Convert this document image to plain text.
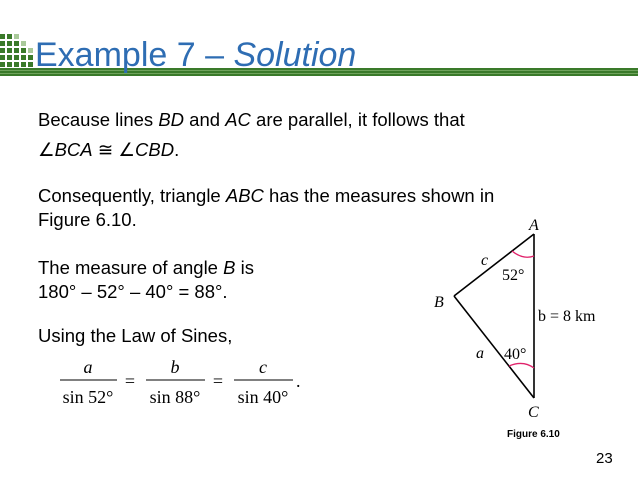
Example 7 – Solution
Because lines BD and AC are parallel, it follows that
∠BCA ≅ ∠CBD.
Consequently, triangle ABC has the measures shown in
Figure 6.10.
The measure of angle B is
180° – 52° – 40° = 88°.
Using the Law of Sines,
a
sin 52°
=
b
sin 88°
=
c
sin 40°
.
A
B
C
c
a
b = 8 km
52°
40°
Figure 6.10
23
